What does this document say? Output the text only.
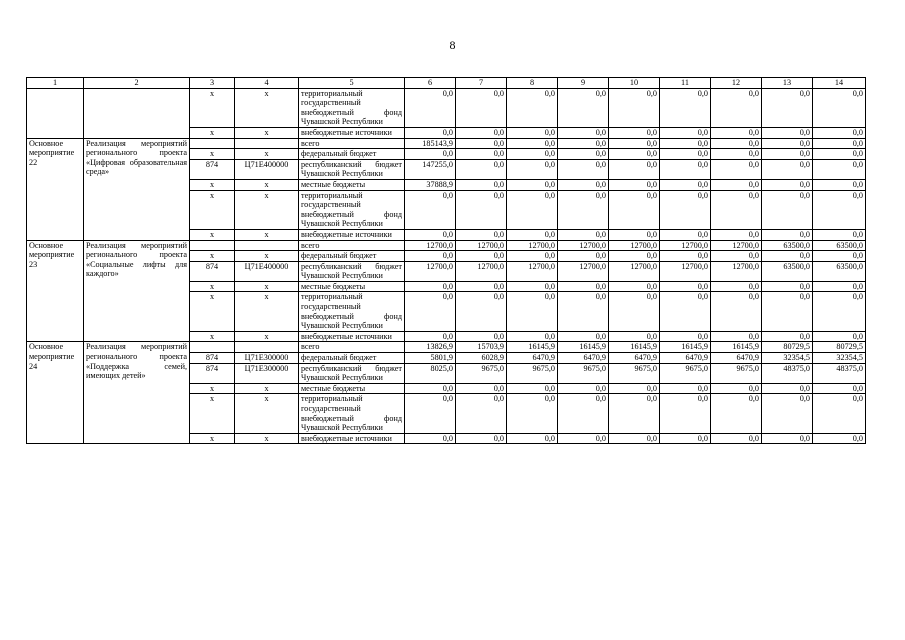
8
1	2	3	4	5	6	7	8	9	10	11	12	13	14
		х	х	территориальный государственный внебюджетный фонд Чувашской Республики	0,0	0,0	0,0	0,0	0,0	0,0	0,0	0,0	0,0
		х	х	внебюджетные источники	0,0	0,0	0,0	0,0	0,0	0,0	0,0	0,0	0,0
Основное мероприятие 22	Реализация мероприятий регионального проекта «Цифровая образовательная среда»			всего	185143,9	0,0	0,0	0,0	0,0	0,0	0,0	0,0	0,0
		х	х	федеральный бюджет	0,0	0,0	0,0	0,0	0,0	0,0	0,0	0,0	0,0
		874	Ц71Е400000	республиканский бюджет Чувашской Республики	147255,0	0,0	0,0	0,0	0,0	0,0	0,0	0,0	0,0
		х	х	местные бюджеты	37888,9	0,0	0,0	0,0	0,0	0,0	0,0	0,0	0,0
		х	х	территориальный государственный внебюджетный фонд Чувашской Республики	0,0	0,0	0,0	0,0	0,0	0,0	0,0	0,0	0,0
		х	х	внебюджетные источники	0,0	0,0	0,0	0,0	0,0	0,0	0,0	0,0	0,0
Основное мероприятие 23	Реализация мероприятий регионального проекта «Социальные лифты для каждого»			всего	12700,0	12700,0	12700,0	12700,0	12700,0	12700,0	12700,0	63500,0	63500,0
		х	х	федеральный бюджет	0,0	0,0	0,0	0,0	0,0	0,0	0,0	0,0	0,0
		874	Ц71Е400000	республиканский бюджет Чувашской Республики	12700,0	12700,0	12700,0	12700,0	12700,0	12700,0	12700,0	63500,0	63500,0
		х	х	местные бюджеты	0,0	0,0	0,0	0,0	0,0	0,0	0,0	0,0	0,0
		х	х	территориальный государственный внебюджетный фонд Чувашской Республики	0,0	0,0	0,0	0,0	0,0	0,0	0,0	0,0	0,0
		х	х	внебюджетные источники	0,0	0,0	0,0	0,0	0,0	0,0	0,0	0,0	0,0
Основное мероприятие 24	Реализация мероприятий регионального проекта «Поддержка семей, имеющих детей»			всего	13826,9	15703,9	16145,9	16145,9	16145,9	16145,9	16145,9	80729,5	80729,5
		874	Ц71Е300000	федеральный бюджет	5801,9	6028,9	6470,9	6470,9	6470,9	6470,9	6470,9	32354,5	32354,5
		874	Ц71Е300000	республиканский бюджет Чувашской Республики	8025,0	9675,0	9675,0	9675,0	9675,0	9675,0	9675,0	48375,0	48375,0
		х	х	местные бюджеты	0,0	0,0	0,0	0,0	0,0	0,0	0,0	0,0	0,0
		х	х	территориальный государственный внебюджетный фонд Чувашской Республики	0,0	0,0	0,0	0,0	0,0	0,0	0,0	0,0	0,0
		х	х	внебюджетные источники	0,0	0,0	0,0	0,0	0,0	0,0	0,0	0,0	0,0
